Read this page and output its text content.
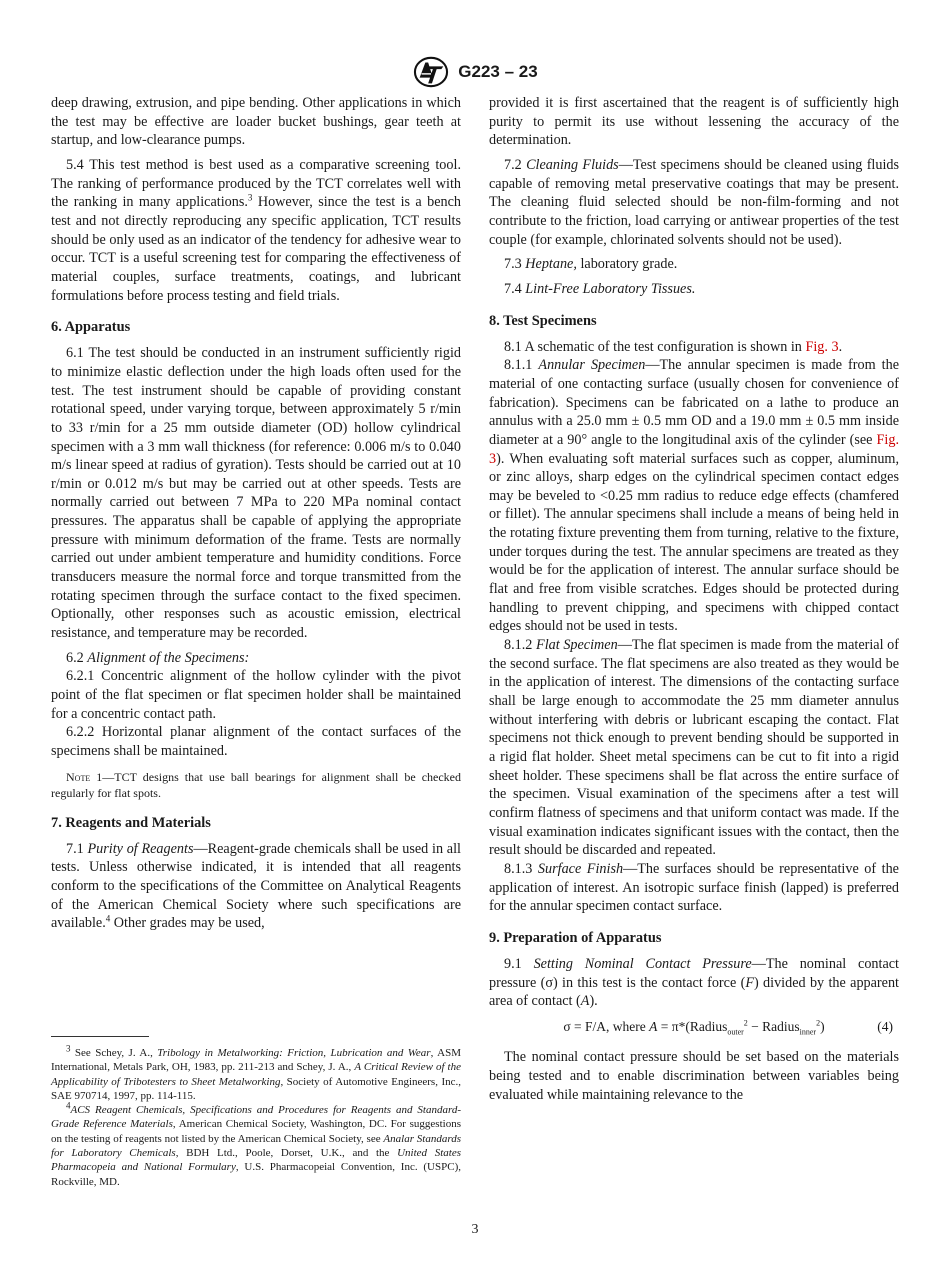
G223 – 23

deep drawing, extrusion, and pipe bending. Other applications in which the test may be effective are loader bucket bushings, gear teeth at startup, and low-clearance pumps.

5.4 This test method is best used as a comparative screening tool. The ranking of performance produced by the TCT correlates well with the ranking in many applications.$^3$ However, since the test is a bench test and not directly reproducing any specific application, TCT results should be only used as an indicator of the tendency for adhesive wear to occur. TCT is a useful screening test for comparing the effectiveness of material couples, surface treatments, coatings, and lubricant formulations before process testing and field trials.

6. Apparatus

6.1 The test should be conducted in an instrument sufficiently rigid to minimize elastic deflection under the high loads often used for the test. The test instrument should be capable of providing constant rotational speed, under varying torque, between approximately 5 r/min to 33 r/min for a 25 mm outside diameter (OD) hollow cylindrical specimen with a 3 mm wall thickness (for reference: 0.006 m/s to 0.040 m/s linear speed at radius of gyration). Tests should be carried out at 10 r/min or 0.012 m/s but may be carried out at other speeds. Tests are normally carried out between 7 MPa to 220 MPa nominal contact pressures. The apparatus shall be capable of applying the appropriate pressure with minimum deformation of the frame. Tests are normally carried out under ambient temperature and humidity conditions. Force transducers measure the normal force and torque transmitted from the rotating specimen through the surface contact to the fixed specimen. Optionally, other responses such as acoustic emission, electrical resistance, and temperature may be recorded.

6.2 Alignment of the Specimens:

6.2.1 Concentric alignment of the hollow cylinder with the pivot point of the flat specimen or flat specimen holder shall be maintained for a concentric contact path.

6.2.2 Horizontal planar alignment of the contact surfaces of the specimens shall be maintained.

Note 1—TCT designs that use ball bearings for alignment shall be checked regularly for flat spots.

7. Reagents and Materials

7.1 Purity of Reagents—Reagent-grade chemicals shall be used in all tests. Unless otherwise indicated, it is intended that all reagents conform to the specifications of the Committee on Analytical Reagents of the American Chemical Society where such specifications are available.$^4$ Other grades may be used,

$^3$ See Schey, J. A., Tribology in Metalworking: Friction, Lubrication and Wear, ASM International, Metals Park, OH, 1983, pp. 211-213 and Schey, J. A., A Critical Review of the Applicability of Tribotesters to Sheet Metalworking, Society of Automotive Engineers, Inc., SAE 970714, 1997, pp. 114-115.

$^4$ACS Reagent Chemicals, Specifications and Procedures for Reagents and Standard-Grade Reference Materials, American Chemical Society, Washington, DC. For suggestions on the testing of reagents not listed by the American Chemical Society, see Analar Standards for Laboratory Chemicals, BDH Ltd., Poole, Dorset, U.K., and the United States Pharmacopeia and National Formulary, U.S. Pharmacopeial Convention, Inc. (USPC), Rockville, MD.

provided it is first ascertained that the reagent is of sufficiently high purity to permit its use without lessening the accuracy of the determination.

7.2 Cleaning Fluids—Test specimens should be cleaned using fluids capable of removing metal preservative coatings that may be present. The cleaning fluid selected should be non-film-forming and not contribute to the friction, load carrying or antiwear properties of the test couple (for example, chlorinated solvents should not be used).

7.3 Heptane, laboratory grade.

7.4 Lint-Free Laboratory Tissues.

8. Test Specimens

8.1 A schematic of the test configuration is shown in Fig. 3.

8.1.1 Annular Specimen—The annular specimen is made from the material of one contacting surface (usually chosen for convenience of fabrication). Specimens can be fabricated on a lathe to produce an annulus with a 25.0 mm ± 0.5 mm OD and a 19.0 mm ± 0.5 mm inside diameter at a 90° angle to the longitudinal axis of the cylinder (see Fig. 3). When evaluating soft material surfaces such as copper, aluminum, or zinc alloys, sharp edges on the cylindrical specimen contact edges may be beveled to <0.25 mm radius to reduce edge effects (chamfered or fillet). The annular specimens shall include a means of being held in the rotating fixture preventing them from turning, relative to the fixture, under torques during the test. The annular specimens are treated as they would be for the application of interest. The annular surface should be flat and free from visible scratches. Edges should be protected during handling to prevent chipping, and specimens with chipped contact edges should not be used in tests.

8.1.2 Flat Specimen—The flat specimen is made from the material of the second surface. The flat specimens are also treated as they would be in the application of interest. The dimensions of the contacting surface shall be large enough to accommodate the 25 mm diameter annulus without interfering with debris or lubricant escaping the contact. Flat specimens not thick enough to prevent bending should be supported in a rigid flat holder. Sheet metal specimens can be cut to fit into a rigid sheet holder. These specimens shall be flat across the entire surface of the specimen. Visual examination of the specimens after a test will confirm flatness of specimens and that uniform contact was made. If the visual examination indicates significant issues with the contact, then the result should be discarded and repeated.

8.1.3 Surface Finish—The surfaces should be representative of the application of interest. An isotropic surface finish (lapped) is preferred for the annular specimen contact surface.

9. Preparation of Apparatus

9.1 Setting Nominal Contact Pressure—The nominal contact pressure (σ) in this test is the contact force (F) divided by the apparent area of contact (A).

σ = F/A, where A = π*(Radius$_{outer}^2$ − Radius$_{inner}^2$)	(4)

The nominal contact pressure should be set based on the materials being tested and to enable discrimination between variables being evaluated while maintaining relevance to the

3
